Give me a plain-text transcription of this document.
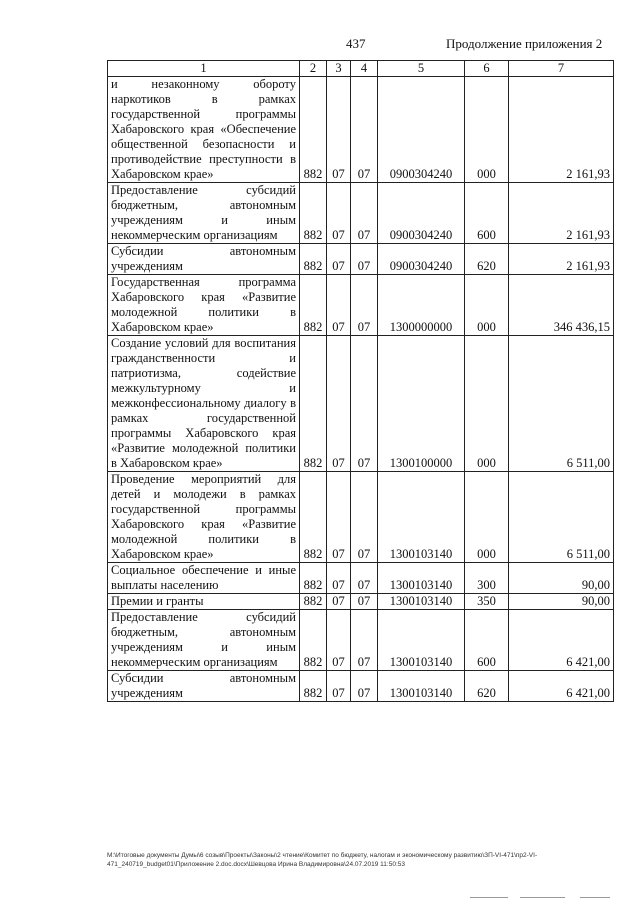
437	Продолжение приложения 2
1	2	3	4	5	6	7
и незаконному обороту наркотиков в рамках государственной программы Хабаровского края «Обеспечение общественной безопасности и противодействие преступности в Хабаровском крае»	882	07	07	0900304240	000	2 161,93
Предоставление субсидий бюджетным, автономным учреждениям и иным некоммерческим организациям	882	07	07	0900304240	600	2 161,93
Субсидии автономным учреждениям	882	07	07	0900304240	620	2 161,93
Государственная программа Хабаровского края «Развитие молодежной политики в Хабаровском крае»	882	07	07	1300000000	000	346 436,15
Создание условий для воспитания гражданственности и патриотизма, содействие межкультурному и межконфессиональному диалогу в рамках государственной программы Хабаровского края «Развитие молодежной политики в Хабаровском крае»	882	07	07	1300100000	000	6 511,00
Проведение мероприятий для детей и молодежи в рамках государственной программы Хабаровского края «Развитие молодежной политики в Хабаровском крае»	882	07	07	1300103140	000	6 511,00
Социальное обеспечение и иные выплаты населению	882	07	07	1300103140	300	90,00
Премии и гранты	882	07	07	1300103140	350	90,00
Предоставление субсидий бюджетным, автономным учреждениям и иным некоммерческим организациям	882	07	07	1300103140	600	6 421,00
Субсидии автономным учреждениям	882	07	07	1300103140	620	6 421,00
M:\Итоговые документы Думы\6 созыв\Проекты\Законы\2 чтение\Комитет по бюджету, налогам и экономическому развитию\ЗП-VI-471\пр2-VI-471_240719_budget01\Приложение 2.doc.docx\Шевцова Ирина Владимировна\24.07.2019 11:50:53
